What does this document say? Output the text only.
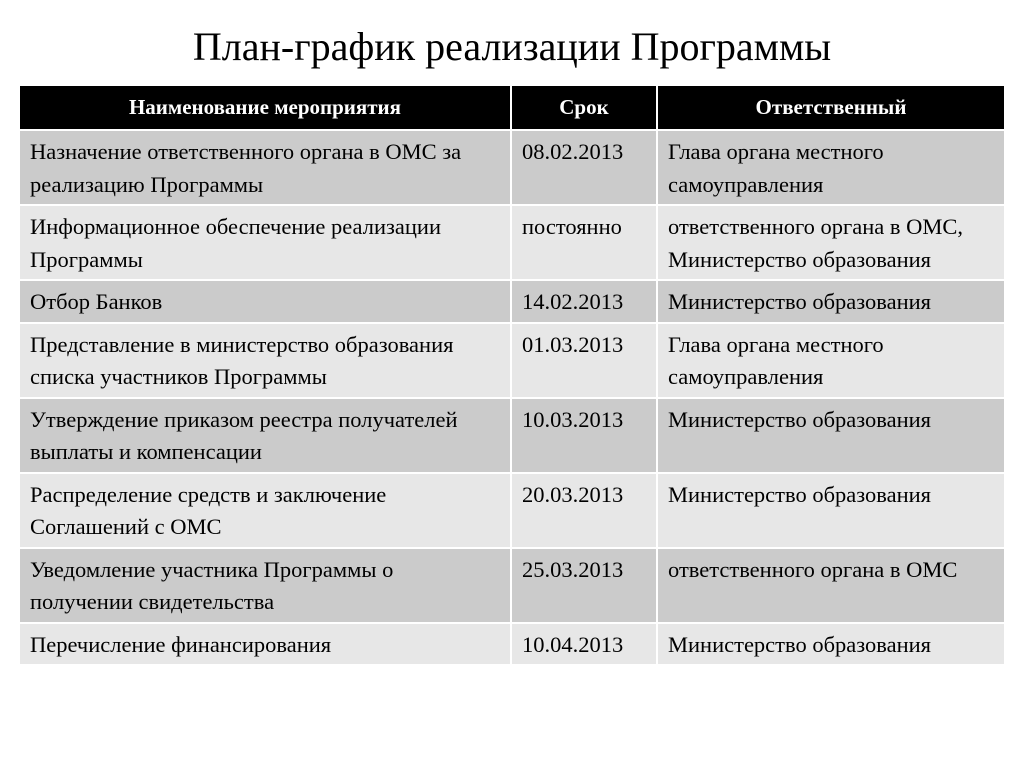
План-график реализации Программы
Наименование мероприятия	Срок	Ответственный
Назначение ответственного органа в ОМС за реализацию Программы	08.02.2013	Глава органа местного самоуправления
Информационное обеспечение реализации Программы	постоянно	ответственного органа в ОМС, Министерство образования
Отбор Банков	14.02.2013	Министерство образования
Представление в министерство образования списка участников Программы	01.03.2013	Глава органа местного самоуправления
Утверждение приказом реестра получателей выплаты и компенсации	10.03.2013	Министерство образования
Распределение средств и заключение Соглашений с ОМС	20.03.2013	Министерство образования
Уведомление участника Программы о получении свидетельства	25.03.2013	ответственного органа в ОМС
Перечисление финансирования	10.04.2013	Министерство образования
